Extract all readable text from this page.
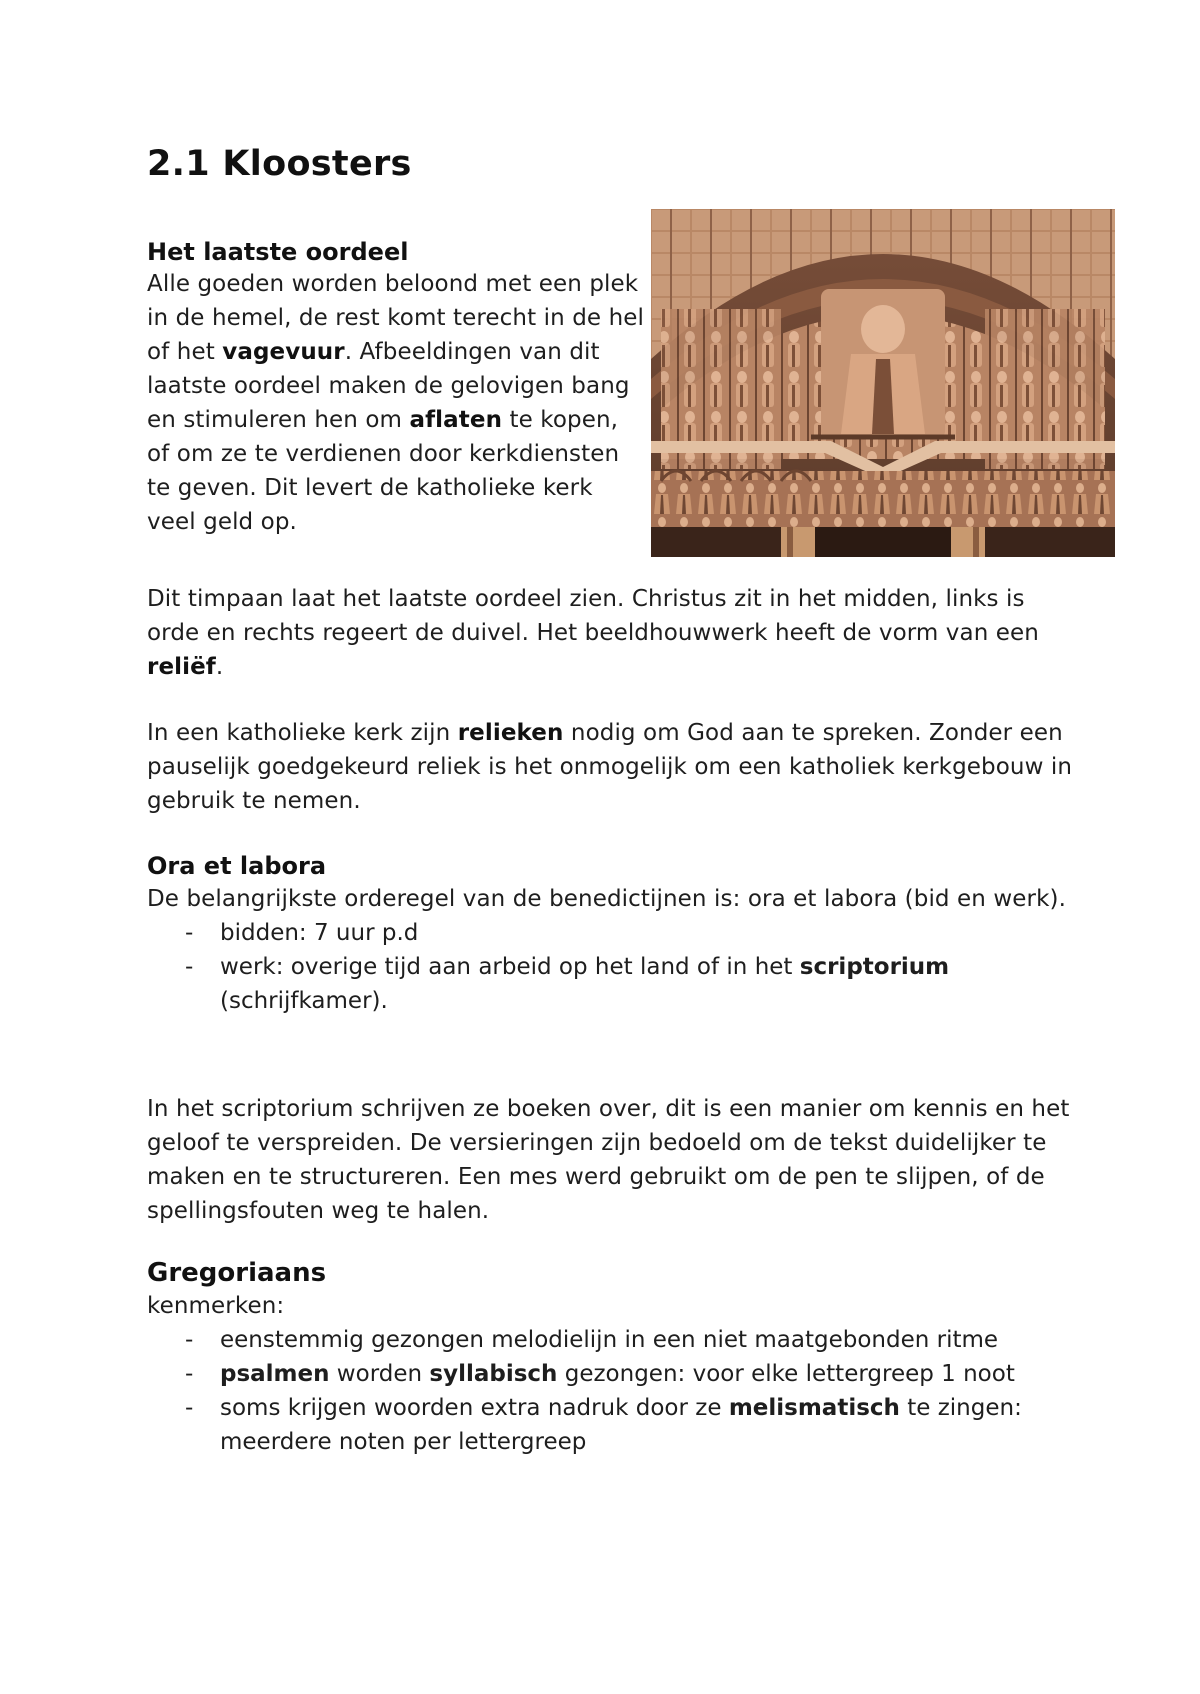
2.1 Kloosters
Het laatste oordeel

Alle goeden worden beloond met een plek in de hemel, de rest komt terecht in de hel of het vagevuur. Afbeeldingen van dit laatste oordeel maken de gelovigen bang en stimuleren hen om aflaten te kopen, of om ze te verdienen door kerkdiensten te geven. Dit levert de katholieke kerk veel geld op.

Dit timpaan laat het laatste oordeel zien. Christus zit in het midden, links is orde en rechts regeert de duivel. Het beeldhouwwerk heeft de vorm van een reliëf.

In een katholieke kerk zijn relieken nodig om God aan te spreken. Zonder een pauselijk goedgekeurd reliek is het onmogelijk om een katholiek kerkgebouw in gebruik te nemen.

Ora et labora

De belangrijkste orderegel van de benedictijnen is: ora et labora (bid en werk).

- bidden: 7 uur p.d
- werk: overige tijd aan arbeid op het land of in het scriptorium (schrijfkamer).

In het scriptorium schrijven ze boeken over, dit is een manier om kennis en het geloof te verspreiden. De versieringen zijn bedoeld om de tekst duidelijker te maken en te structureren. Een mes werd gebruikt om de pen te slijpen, of de spellingsfouten weg te halen.

Gregoriaans

kenmerken:

- eenstemmig gezongen melodielijn in een niet maatgebonden ritme
- psalmen worden syllabisch gezongen: voor elke lettergreep 1 noot
- soms krijgen woorden extra nadruk door ze melismatisch te zingen: meerdere noten per lettergreep
